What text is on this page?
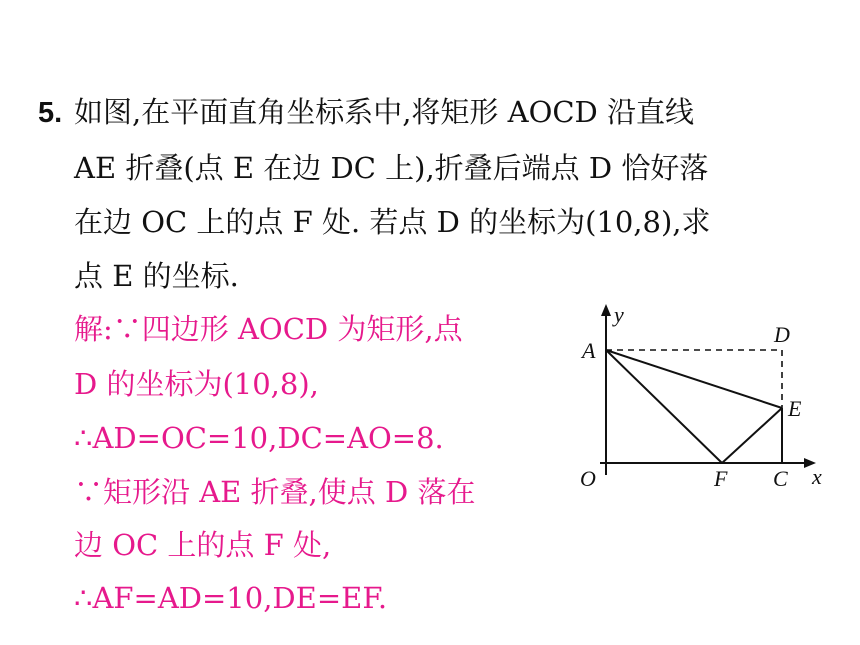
5. 如图,在平面直角坐标系中,将矩形 AOCD 沿直线
AE 折叠(点 E 在边 DC 上),折叠后端点 D 恰好落
在边 OC 上的点 F 处. 若点 D 的坐标为(10,8),求
点 E 的坐标.
解:∵四边形 AOCD 为矩形,点
D 的坐标为(10,8),
∴AD=OC=10,DC=AO=8.
∵矩形沿 AE 折叠,使点 D 落在
边 OC 上的点 F 处,
∴AF=AD=10,DE=EF.
y
A
D
E
O	F C x
